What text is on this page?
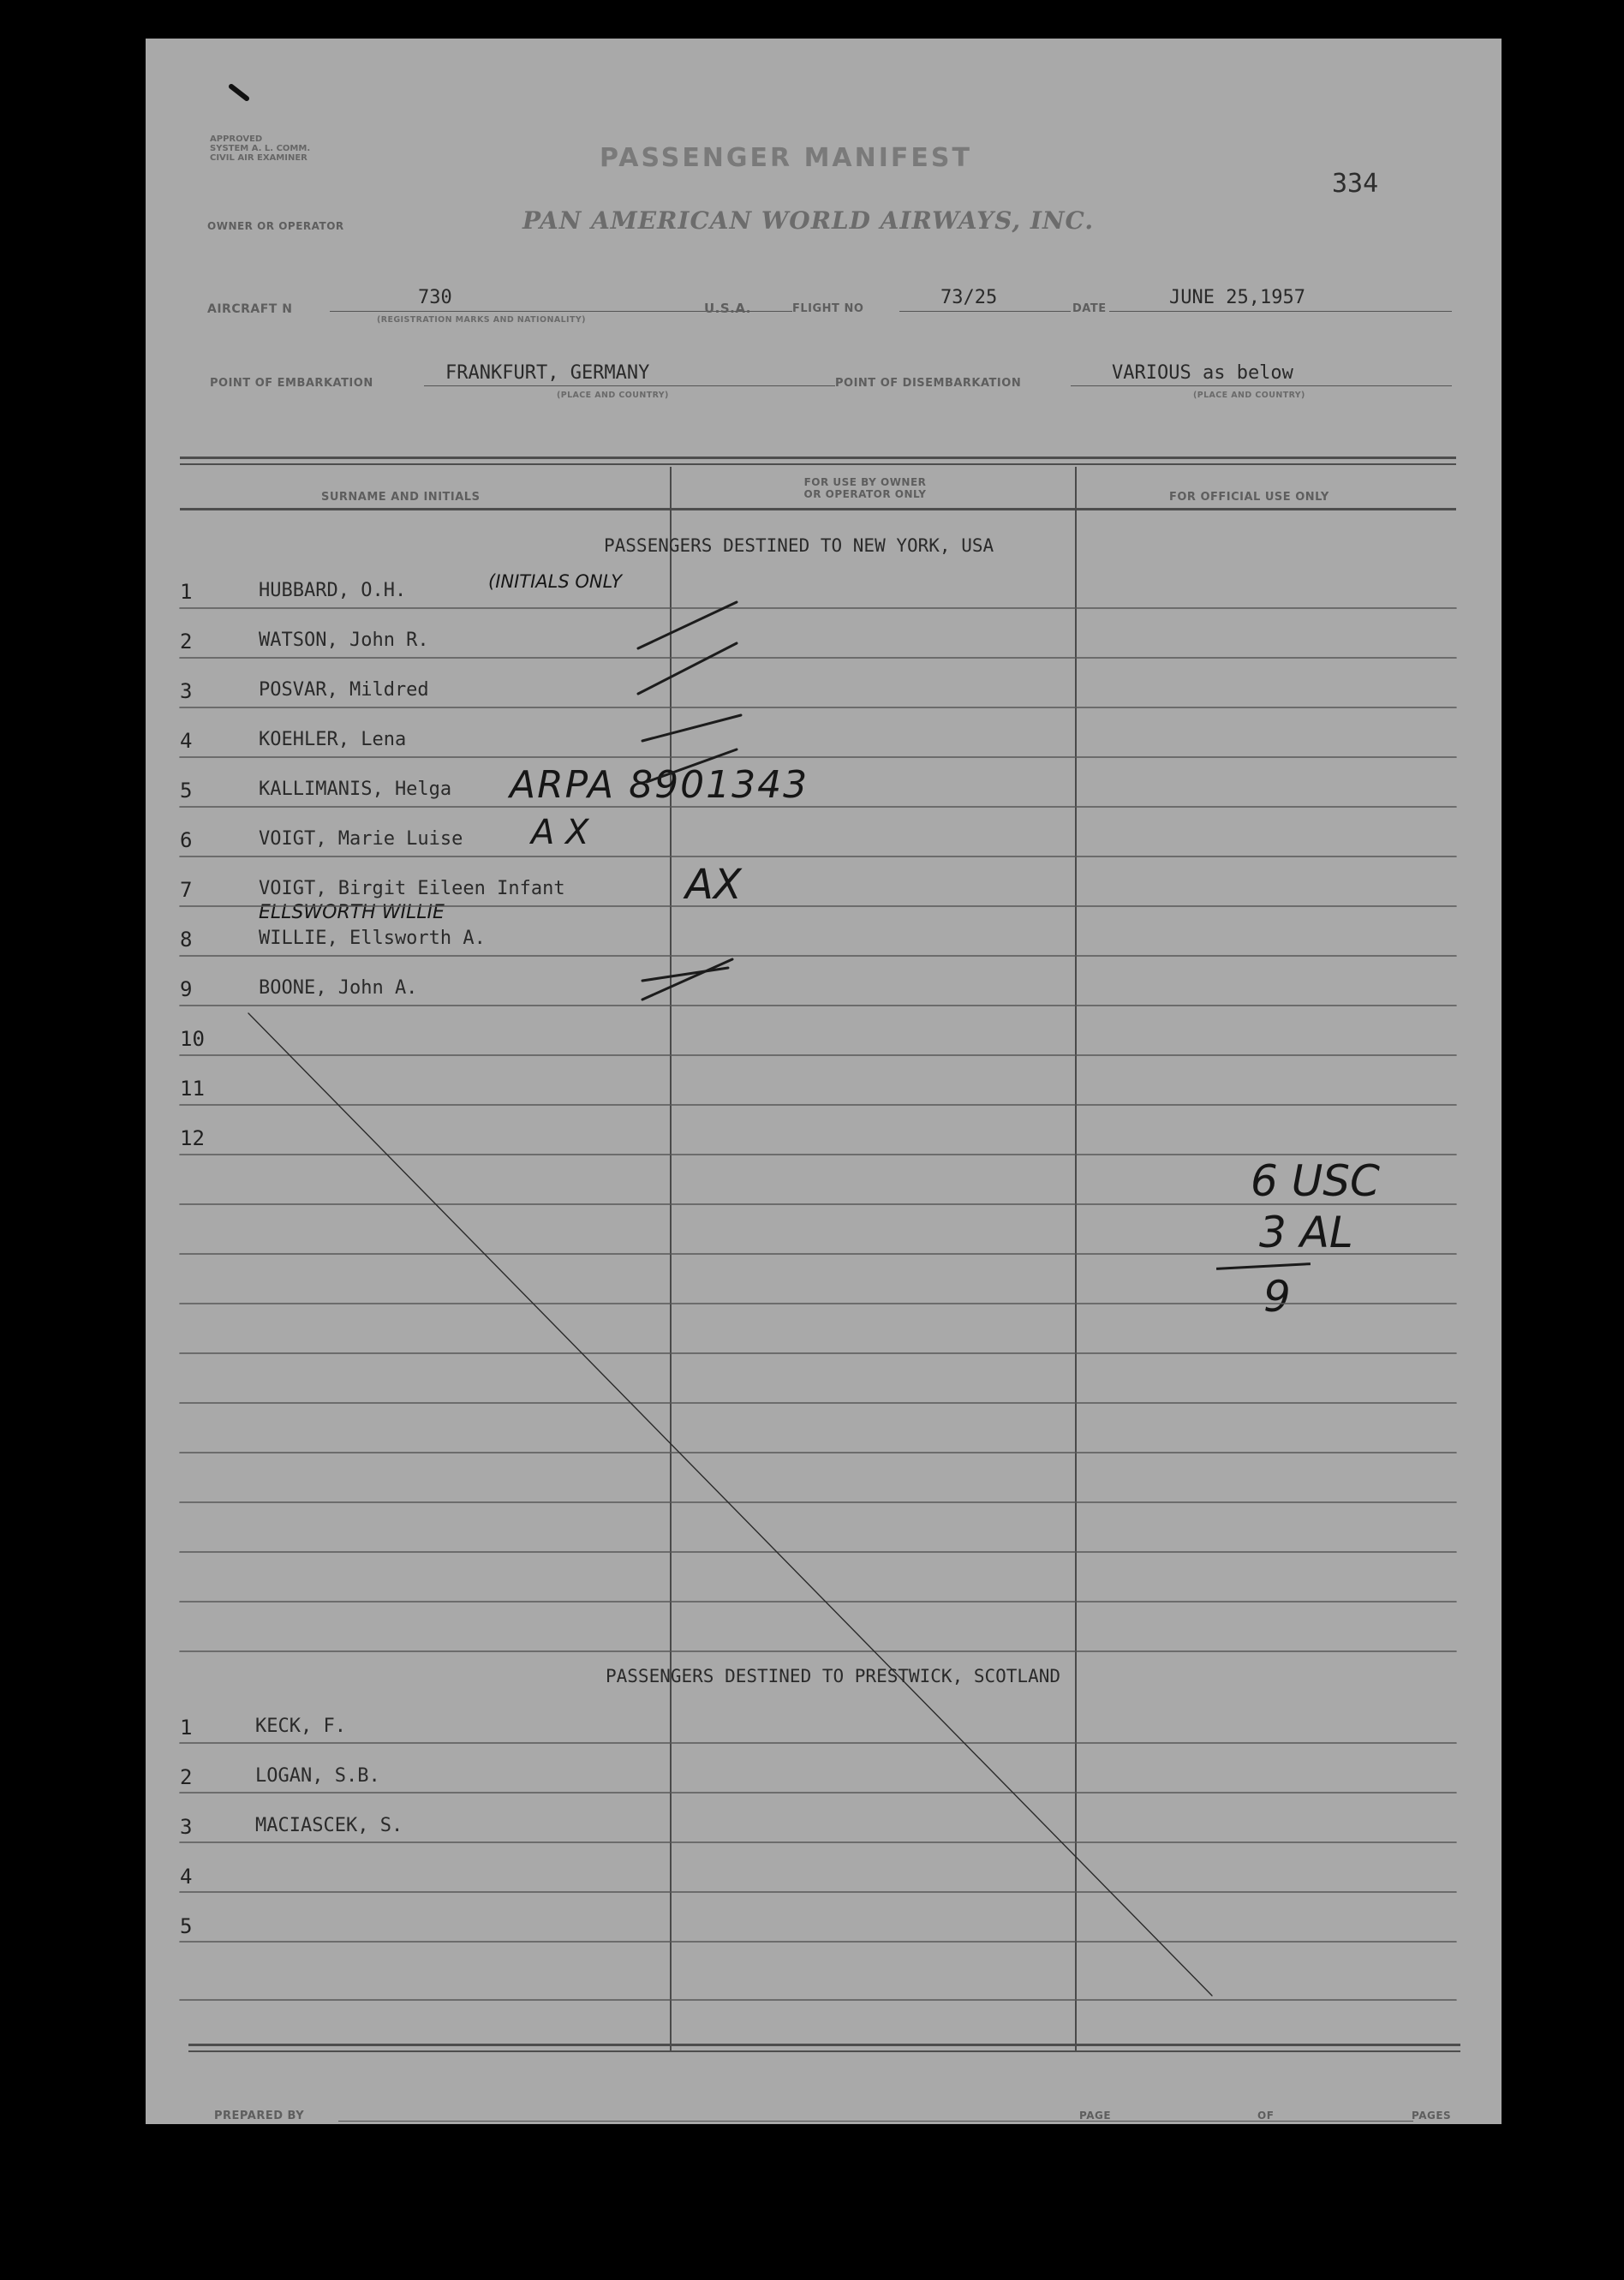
APPROVED
SYSTEM A. L. COMM.
CIVIL AIR EXAMINER	PASSENGER MANIFEST
334
OWNER OR OPERATOR	PAN AMERICAN WORLD AIRWAYS, INC.
AIRCRAFT N
730
(REGISTRATION MARKS AND NATIONALITY)
U.S.A.	FLIGHT NO
73/25
DATE
JUNE 25,1957
POINT OF EMBARKATION	FRANKFURT, GERMANY
(PLACE AND COUNTRY)
POINT OF DISEMBARKATION	VARIOUS as below
(PLACE AND COUNTRY)
SURNAME AND INITIALS
FOR USE BY OWNER
OR OPERATOR ONLY	FOR OFFICIAL USE ONLY
PASSENGERS DESTINED TO NEW YORK, USA
1	HUBBARD, O.H.	(INITIALS ONLY
2	WATSON, John R.
3	POSVAR, Mildred
4	KOEHLER, Lena
5	KALLIMANIS, Helga ARPA 8901343
6	VOIGT, Marie Luise A X
7	VOIGT, Birgit Eileen Infant	AX
8	WILLIE, Ellsworth A.
ELLSWORTH WILLIE
9	BOONE, John A.
10
11
12
PASSENGERS DESTINED TO PRESTWICK, SCOTLAND
1	KECK, F.
2	LOGAN, S.B.
3	MACIASCEK, S.
4
5
6 USC
3 AL
9
PREPARED BY	PAGE	OF	PAGES
